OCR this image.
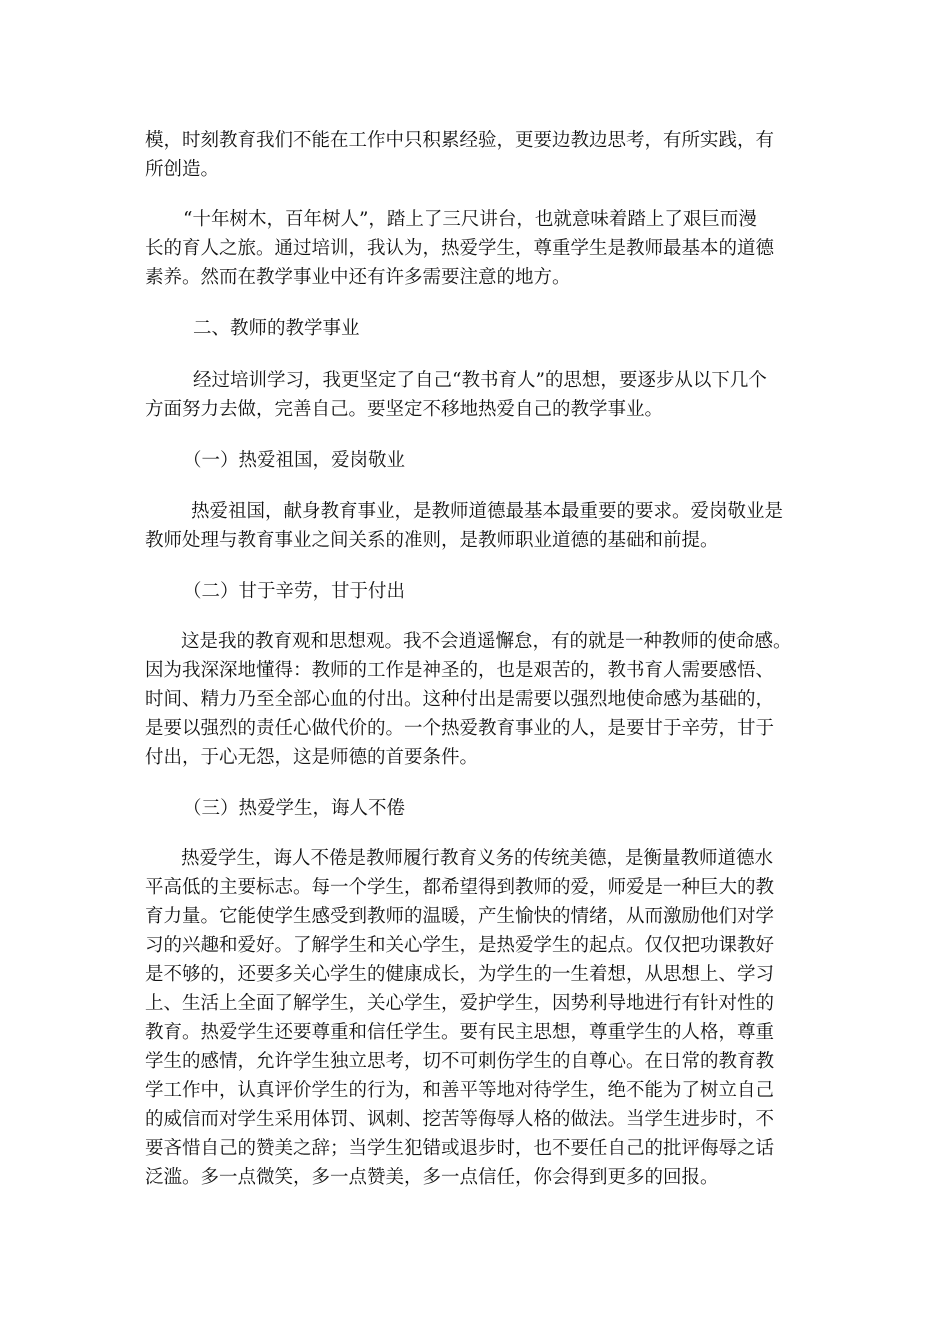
模，时刻教育我们不能在工作中只积累经验，更要边教边思考，有所实践，有
所创造。
“十年树木，百年树人”，踏上了三尺讲台，也就意味着踏上了艰巨而漫
长的育人之旅。通过培训，我认为，热爱学生，尊重学生是教师最基本的道德
素养。然而在教学事业中还有许多需要注意的地方。
二、教师的教学事业
经过培训学习，我更坚定了自己“教书育人”的思想，要逐步从以下几个
方面努力去做，完善自己。要坚定不移地热爱自己的教学事业。
（一）热爱祖国，爱岗敬业
热爱祖国，献身教育事业，是教师道德最基本最重要的要求。爱岗敬业是
教师处理与教育事业之间关系的准则，是教师职业道德的基础和前提。
（二）甘于辛劳，甘于付出
这是我的教育观和思想观。我不会逍遥懈怠，有的就是一种教师的使命感。
因为我深深地懂得：教师的工作是神圣的，也是艰苦的，教书育人需要感悟、
时间、精力乃至全部心血的付出。这种付出是需要以强烈地使命感为基础的，
是要以强烈的责任心做代价的。一个热爱教育事业的人，是要甘于辛劳，甘于
付出，于心无怨，这是师德的首要条件。
（三）热爱学生，诲人不倦
热爱学生，诲人不倦是教师履行教育义务的传统美德，是衡量教师道德水
平高低的主要标志。每一个学生，都希望得到教师的爱，师爱是一种巨大的教
育力量。它能使学生感受到教师的温暖，产生愉快的情绪，从而激励他们对学
习的兴趣和爱好。了解学生和关心学生，是热爱学生的起点。仅仅把功课教好
是不够的，还要多关心学生的健康成长，为学生的一生着想，从思想上、学习
上、生活上全面了解学生，关心学生，爱护学生，因势利导地进行有针对性的
教育。热爱学生还要尊重和信任学生。要有民主思想，尊重学生的人格，尊重
学生的感情，允许学生独立思考，切不可刺伤学生的自尊心。在日常的教育教
学工作中，认真评价学生的行为，和善平等地对待学生，绝不能为了树立自己
的威信而对学生采用体罚、讽刺、挖苦等侮辱人格的做法。当学生进步时，不
要吝惜自己的赞美之辞；当学生犯错或退步时，也不要任自己的批评侮辱之话
泛滥。多一点微笑，多一点赞美，多一点信任，你会得到更多的回报。
